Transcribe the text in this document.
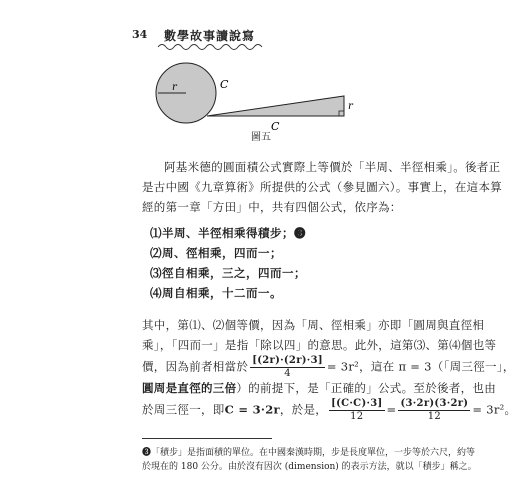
34 數學故事讀說寫
r	C
C
r
圖五
阿基米德的圓面積公式實際上等價於「半周、半徑相乘」。後者正
是古中國《九章算術》所提供的公式（參見圖六）。事實上，在這本算
經的第一章「方田」中，共有四個公式，依序為：
⑴半周、半徑相乘得積步；❸
⑵周、徑相乘，四而一；
⑶徑自相乘，三之，四而一；
⑷周自相乘，十二而一。
其中，第⑴、⑵個等價，因為「周、徑相乘」亦即「圓周與直徑相
乘」，「四而一」是指「除以四」的意思。此外，這第⑶、第⑷個也等
價，因為前者相當於 $\frac{[(2r)\cdot(2r)\cdot 3]}{4} = 3r^2$，這在 π = 3（「周三徑一」，
圓周是直徑的三倍）的前提下，是「正確的」公式。至於後者，也由
於周三徑一，即C = 3·2r，於是， $\frac{[(C\cdot C)\cdot 3]}{12} = \frac{(3\cdot 2r)(3\cdot 2r)}{12} = 3r^2$。
❸「積步」是指面積的單位。在中國秦漢時期，步是長度單位，一步等於六尺，約等
於現在的 180 公分。由於沒有因次 (dimension) 的表示方法，就以「積步」稱之。
